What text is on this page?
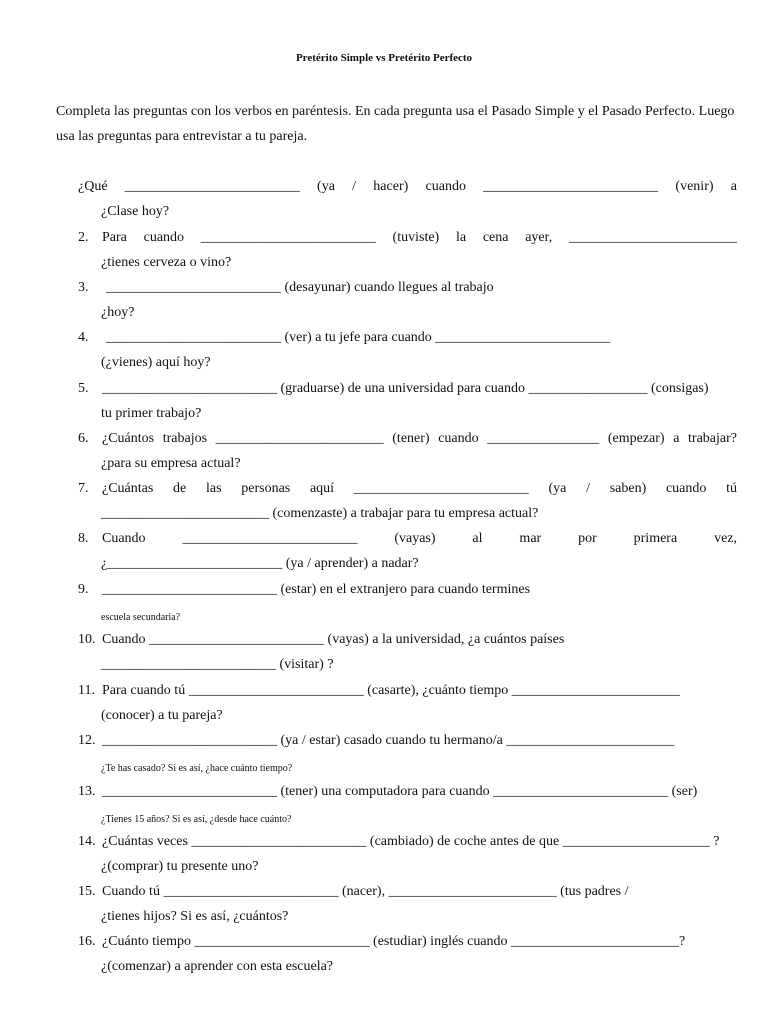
Pretérito Simple vs Pretérito Perfecto
Completa las preguntas con los verbos en paréntesis. En cada pregunta usa el Pasado Simple y el Pasado Perfecto. Luego usa las preguntas para entrevistar a tu pareja.
¿Qué _________________________ (ya / hacer) cuando _________________________ (venir) a
¿Clase hoy?
2. Para cuando _________________________ (tuviste) la cena ayer, ________________________
¿tienes cerveza o vino?
3. _________________________ (desayunar) cuando llegues al trabajo
¿hoy?
4. _________________________ (ver) a tu jefe para cuando _________________________
(¿vienes) aquí hoy?
5. _________________________ (graduarse) de una universidad para cuando _________________ (consigas)
tu primer trabajo?
6. ¿Cuántos trabajos ________________________ (tener) cuando ________________ (empezar) a trabajar?
¿para su empresa actual?
7. ¿Cuántas de las personas aquí _________________________ (ya / saben) cuando tú
________________________ (comenzaste) a trabajar para tu empresa actual?
8. Cuando _________________________ (vayas) al mar por primera vez,
¿_________________________ (ya / aprender) a nadar?
9. _________________________ (estar) en el extranjero para cuando termines
escuela secundaria?
10. Cuando _________________________ (vayas) a la universidad, ¿a cuántos países
_________________________ (visitar) ?
11. Para cuando tú _________________________ (casarte), ¿cuánto tiempo ________________________
(conocer) a tu pareja?
12. _________________________ (ya / estar) casado cuando tu hermano/a ________________________
¿Te has casado? Si es así, ¿hace cuánto tiempo?
13. _________________________ (tener) una computadora para cuando _________________________ (ser)
¿Tienes 15 años? Si es así, ¿desde hace cuánto?
14. ¿Cuántas veces _________________________ (cambiado) de coche antes de que _____________________ ?
¿(comprar) tu presente uno?
15. Cuando tú _________________________ (nacer), ________________________ (tus padres /
¿tienes hijos? Si es así, ¿cuántos?
16. ¿Cuánto tiempo _________________________ (estudiar) inglés cuando ________________________?
¿(comenzar) a aprender con esta escuela?
